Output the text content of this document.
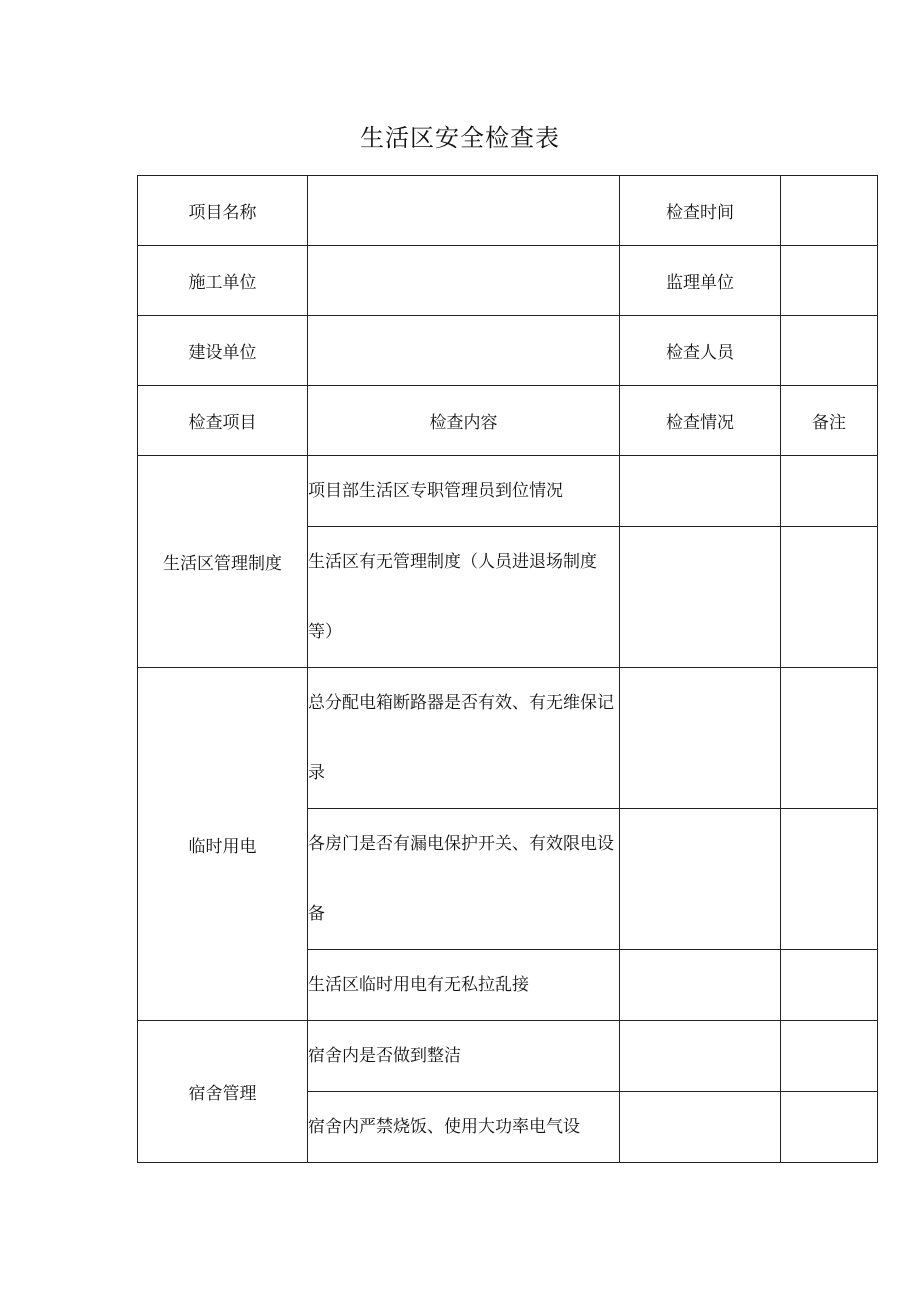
生活区安全检查表
项目名称		检查时间	
施工单位		监理单位	
建设单位		检查人员	
检查项目	检查内容	检查情况	备注
生活区管理制度	项目部生活区专职管理员到位情况		
	生活区有无管理制度（人员进退场制度等）		
临时用电	总分配电箱断路器是否有效、有无维保记录		
	各房门是否有漏电保护开关、有效限电设备		
	生活区临时用电有无私拉乱接		
宿舍管理	宿舍内是否做到整洁		
	宿舍内严禁烧饭、使用大功率电气设		
